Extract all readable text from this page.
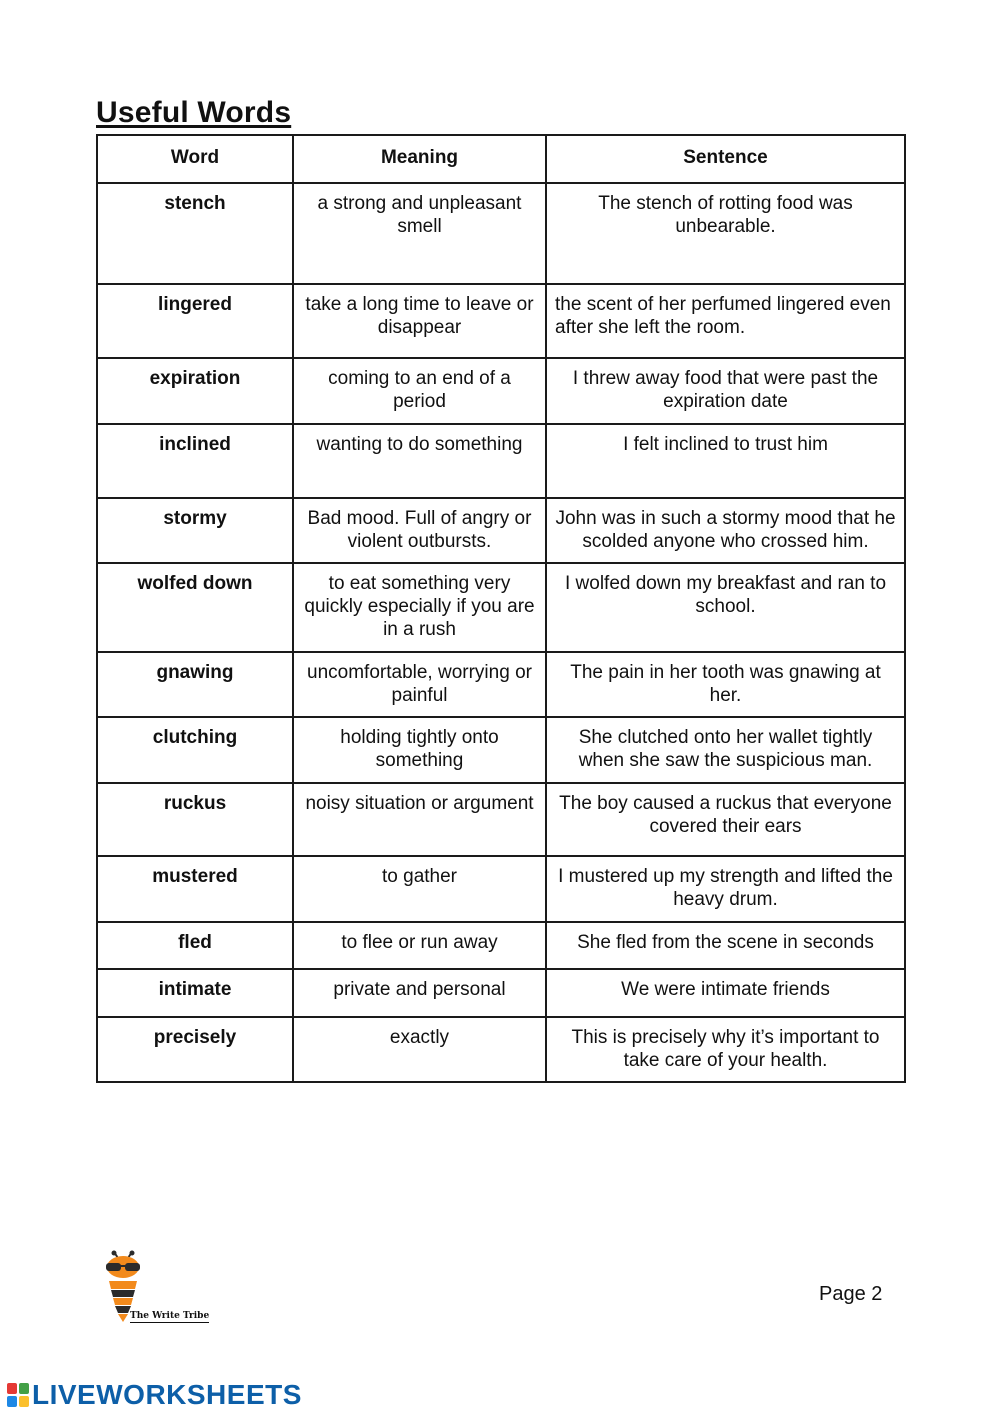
Useful Words
Word	Meaning	Sentence
stench	a strong and unpleasant smell	The stench of rotting food was unbearable.
lingered	take a long time to leave or disappear	the scent of her perfumed lingered even after she left the room.
expiration	coming to an end of a period	I threw away food that were past the expiration date
inclined	wanting to do something	I felt inclined to trust him
stormy	Bad mood. Full of angry or violent outbursts.	John was in such a stormy mood that he scolded anyone who crossed him.
wolfed down	to eat something very quickly especially if you are in a rush	I wolfed down my breakfast and ran to school.
gnawing	uncomfortable, worrying or painful	The pain in her tooth was gnawing at her.
clutching	holding tightly onto something	She clutched onto her wallet tightly when she saw the suspicious man.
ruckus	noisy situation or argument	The boy caused a ruckus that everyone covered their ears
mustered	to gather	I mustered up my strength and lifted the heavy drum.
fled	to flee or run away	She fled from the scene in seconds
intimate	private and personal	We were intimate friends
precisely	exactly	This is precisely why it’s important to take care of your health.
The Write Tribe
Page 2
LIVEWORKSHEETS
